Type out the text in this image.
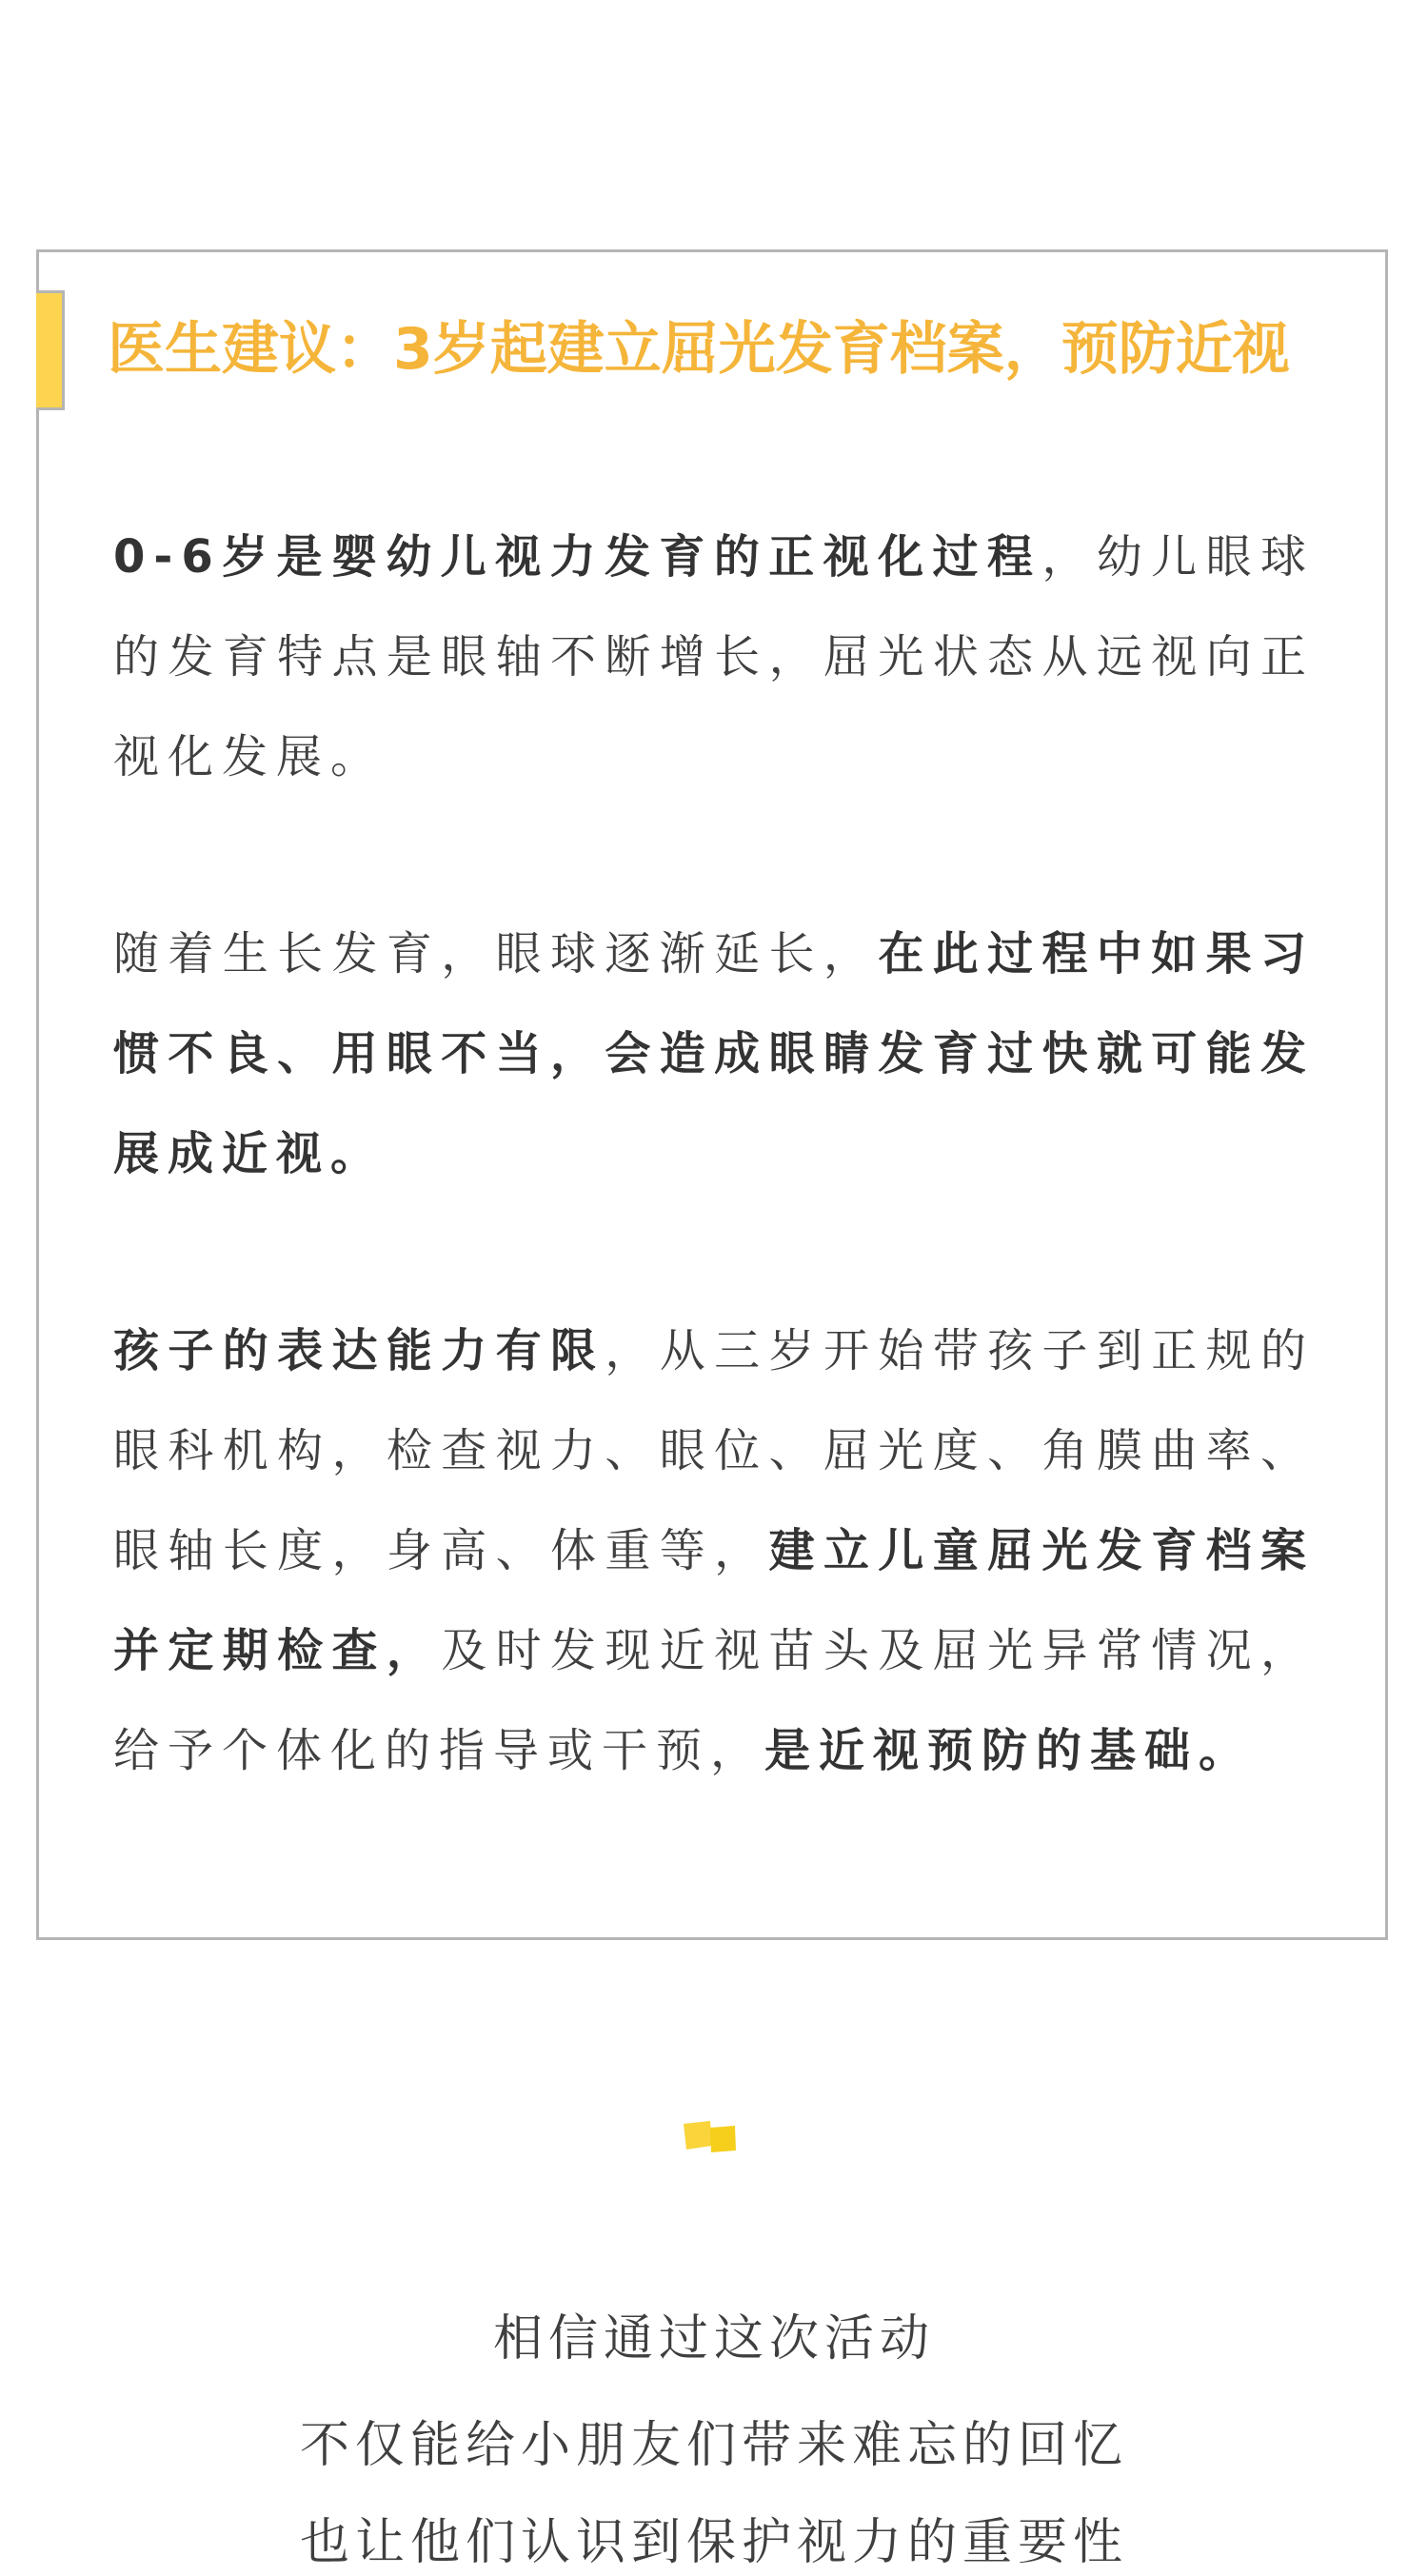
医生建议：3岁起建立屈光发育档案，预防近视

0-6岁是婴幼儿视力发育的正视化过程，幼儿眼球的发育特点是眼轴不断增长，屈光状态从远视向正视化发展。

随着生长发育，眼球逐渐延长，在此过程中如果习惯不良、用眼不当，会造成眼睛发育过快就可能发展成近视。

孩子的表达能力有限，从三岁开始带孩子到正规的眼科机构，检查视力、眼位、屈光度、角膜曲率、眼轴长度，身高、体重等，建立儿童屈光发育档案并定期检查，及时发现近视苗头及屈光异常情况，给予个体化的指导或干预，是近视预防的基础。

相信通过这次活动

不仅能给小朋友们带来难忘的回忆

也让他们认识到保护视力的重要性
